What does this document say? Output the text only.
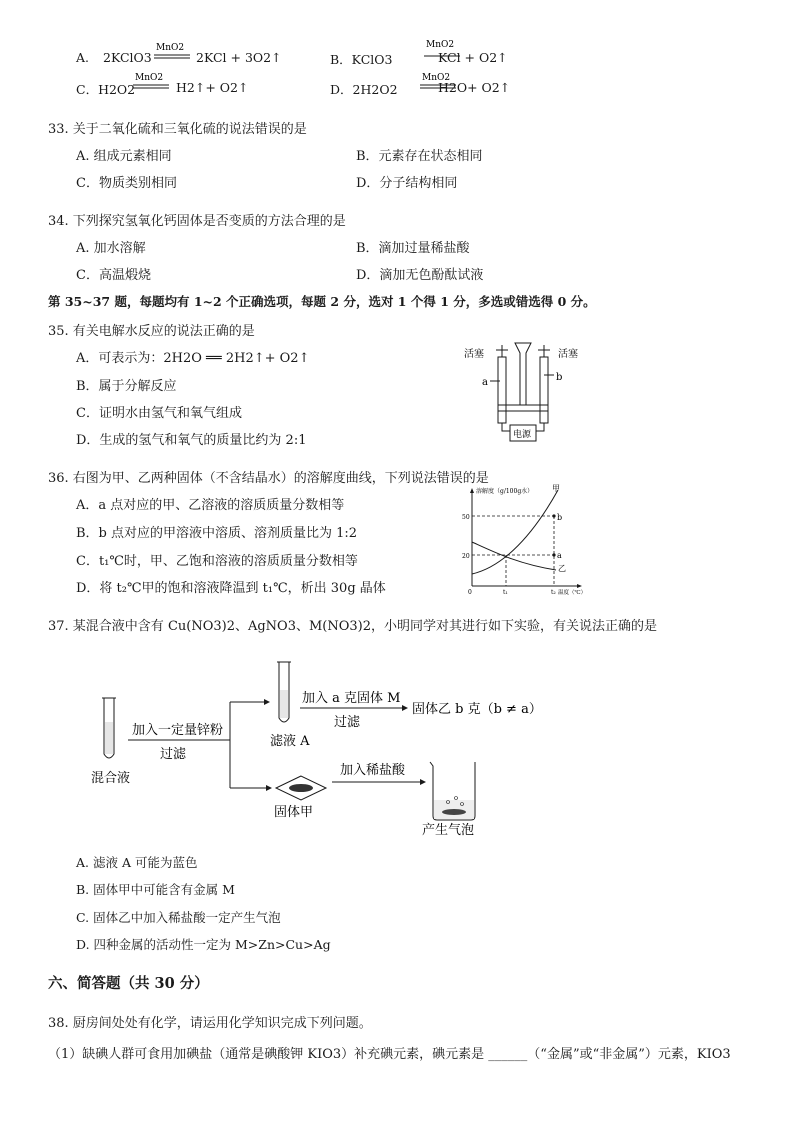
A. 2KClO3
MnO2
2KCl + 3O2↑	B．KClO3
MnO2
KCl + O2↑
C．H2O2
MnO2
H2↑+ O2↑	D．2H2O2
MnO2
H2O+ O2↑
33. 关于二氧化硫和三氧化硫的说法错误的是
A. 组成元素相同	B．元素存在状态相同
C．物质类别相同	D．分子结构相同
34. 下列探究氢氧化钙固体是否变质的方法合理的是
A. 加水溶解	B．滴加过量稀盐酸
C．高温煅烧	D．滴加无色酚酞试液
第 35~37 题，每题均有 1~2 个正确选项，每题 2 分，选对 1 个得 1 分，多选或错选得 0 分。
35. 有关电解水反应的说法正确的是
A．可表示为：2H2O ══ 2H2↑+ O2↑
B．属于分解反应
C．证明水由氢气和氧气组成
D．生成的氢气和氧气的质量比约为 2:1
活塞	活塞
a	b
电源
36. 右图为甲、乙两种固体（不含结晶水）的溶解度曲线，下列说法错误的是
A．a 点对应的甲、乙溶液的溶质质量分数相等
B．b 点对应的甲溶液中溶质、溶剂质量比为 1:2
C．t₁℃时，甲、乙饱和溶液的溶质质量分数相等
D．将 t₂℃甲的饱和溶液降温到 t₁℃，析出 30g 晶体
溶解度（g/100g水） 甲
乙
b
a
50
20
0	t₁	t₂ 温度（℃）
37. 某混合液中含有 Cu(NO3)2、AgNO3、M(NO3)2，小明同学对其进行如下实验，有关说法正确的是
混合液
加入一定量锌粉
过滤
滤液 A
加入 a 克固体 M
过滤
固体乙 b 克（b ≠ a）
固体甲
加入稀盐酸
产生气泡
A. 滤液 A 可能为蓝色
B. 固体甲中可能含有金属 M
C. 固体乙中加入稀盐酸一定产生气泡
D. 四种金属的活动性一定为 M>Zn>Cu>Ag
六、简答题（共 30 分）
38. 厨房间处处有化学，请运用化学知识完成下列问题。
（1）缺碘人群可食用加碘盐（通常是碘酸钾 KIO3）补充碘元素，碘元素是 ______（“金属”或“非金属”）元素，KIO3
